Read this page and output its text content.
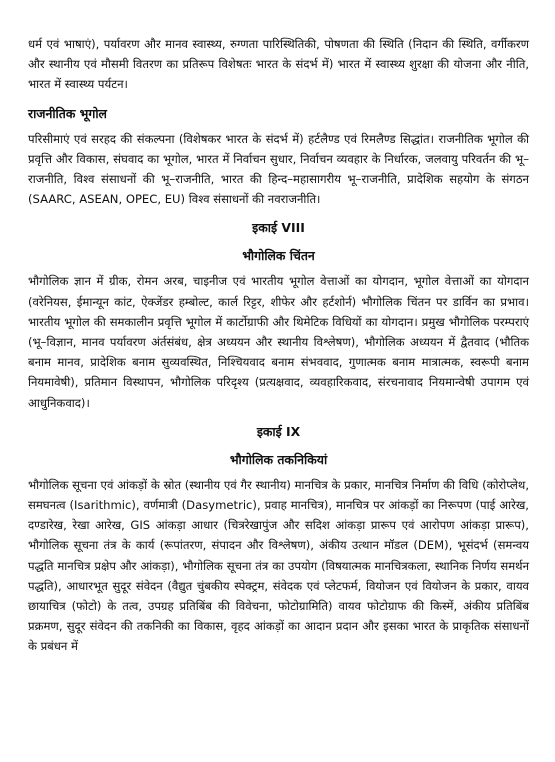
धर्म एवं भाषाएं), पर्यावरण और मानव स्वास्थ्य, रुग्णता पारिस्थितिकी, पोषणता की स्थिति (निदान की स्थिति, वर्गीकरण और स्थानीय एवं मौसमी वितरण का प्रतिरूप विशेषतः भारत के संदर्भ में) भारत में स्वास्थ्य शुरक्षा की योजना और नीति, भारत में स्वास्थ्य पर्यटन।

राजनीतिक भूगोल

परिसीमाएं एवं सरहद की संकल्पना (विशेषकर भारत के संदर्भ में) हर्टलैण्ड एवं रिमलैण्ड सिद्धांत। राजनीतिक भूगोल की प्रवृत्ति और विकास, संघवाद का भूगोल, भारत में निर्वाचन सुधार, निर्वाचन व्यवहार के निर्धारक, जलवायु परिवर्तन की भू–राजनीति, विश्व संसाधनों की भू–राजनीति, भारत की हिन्द–महासागरीय भू–राजनीति, प्रादेशिक सहयोग के संगठन (SAARC, ASEAN, OPEC, EU) विश्व संसाधनों की नवराजनीति।

इकाई VIII
भौगोलिक चिंतन

भौगोलिक ज्ञान में ग्रीक, रोमन अरब, चाइनीज एवं भारतीय भूगोल वेत्ताओं का योगदान, भूगोल वेत्ताओं का योगदान (वरेनियस, ईमान्यून कांट, ऐक्जेंडर हम्बोल्ट, कार्ल रिट्टर, शीफेर और हर्टशोर्न) भौगोलिक चिंतन पर डार्विन का प्रभाव। भारतीय भूगोल की समकालीन प्रवृत्ति भूगोल में कार्टोग्राफी और थिमेटिक विधियों का योगदान। प्रमुख भौगोलिक परम्पराएं (भू–विज्ञान, मानव पर्यावरण अंर्तसंबंध, क्षेत्र अध्ययन और स्थानीय विश्लेषण), भौगोलिक अध्ययन में द्वैतवाद (भौतिक बनाम मानव, प्रादेशिक बनाम सुव्यवस्थित, निश्चियवाद बनाम संभववाद, गुणात्मक बनाम मात्रात्मक, स्वरूपी बनाम नियमावेषी), प्रतिमान विस्थापन, भौगोलिक परिदृश्य (प्रत्यक्षवाद, व्यवहारिकवाद, संरचनावाद नियमान्वेषी उपागम एवं आधुनिकवाद)।

इकाई IX
भौगोलिक तकनिकियां

भौगोलिक सूचना एवं आंकड़ों के स्रोत (स्थानीय एवं गैर स्थानीय) मानचित्र के प्रकार, मानचित्र निर्माण की विधि (कोरोप्लेथ, समघनत्व (Isarithmic), वर्णमात्री (Dasymetric), प्रवाह मानचित्र), मानचित्र पर आंकड़ों का निरूपण (पाई आरेख, दण्डारेख, रेखा आरेख, GIS आंकड़ा आधार (चित्ररेखापुंज और सदिश आंकड़ा प्रारूप एवं आरोपण आंकड़ा प्रारूप), भौगोलिक सूचना तंत्र के कार्य (रूपांतरण, संपादन और विश्लेषण), अंकीय उत्थान मॉडल (DEM), भूसंदर्भ (समन्वय पद्धति मानचित्र प्रक्षेप और आंकड़ा), भौगोलिक सूचना तंत्र का उपयोग (विषयात्मक मानचित्रकला, स्थानिक निर्णय समर्थन पद्धति), आधारभूत सुदूर संवेदन (वैद्युत चुंबकीय स्पेक्ट्रम, संवेदक एवं प्लेटफर्म, वियोजन एवं वियोजन के प्रकार, वायव छायाचित्र (फोटो) के तत्व, उपग्रह प्रतिबिंब की विवेचना, फोटोग्रामिति) वायव फोटोग्राफ की किस्में, अंकीय प्रतिबिंब प्रक्रमण, सुदूर संवेदन की तकनिकी का विकास, वृहद आंकड़ों का आदान प्रदान और इसका भारत के प्राकृतिक संसाधनों के प्रबंधन में
